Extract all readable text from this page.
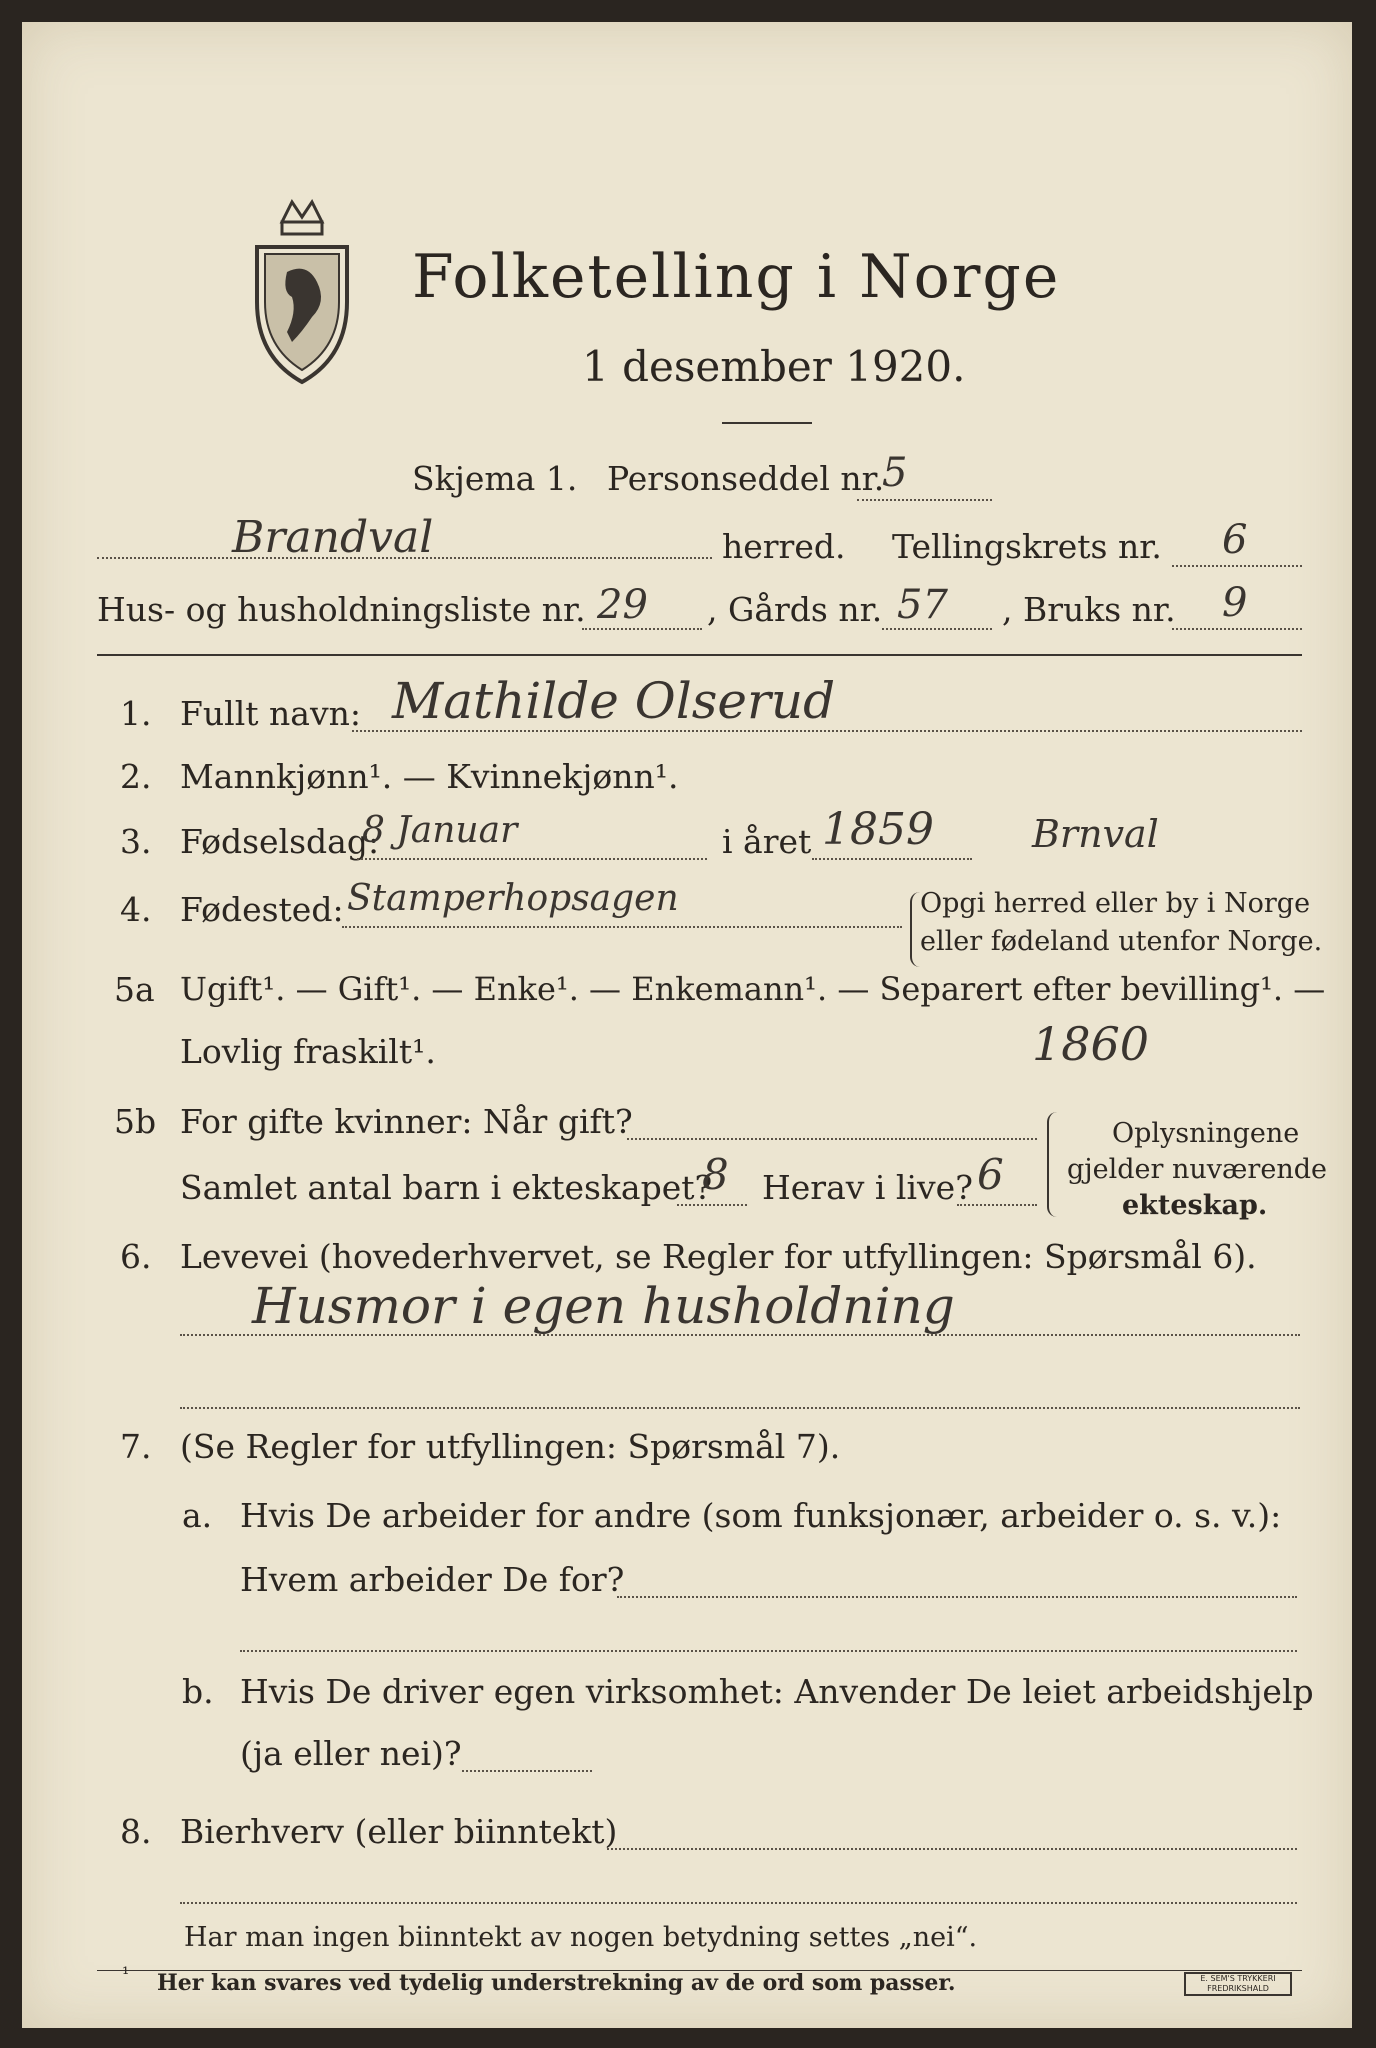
Folketelling i Norge
1 desember 1920.
Skjema 1. Personseddel nr.
5
Brandval	herred. Tellingskrets nr. 6
Hus- og husholdningsliste nr. 29 , Gårds nr. 57 , Bruks nr. 9
1. Fullt navn: Mathilde Olserud
2. Mannkjønn¹. — Kvinnekjønn¹.
3. Fødselsdag:
8 Januar	i året 1859	Brnval
4. Fødested: Stamperhopsagen	Opgi herred eller by i Norge
eller fødeland utenfor Norge.
5a Ugift¹. — Gift¹. — Enke¹. — Enkemann¹. — Separert efter bevilling¹. —
Lovlig fraskilt¹.	1860
5b For gifte kvinner: Når gift?
Samlet antal barn i ekteskapet?
8 Herav i live? 6
Oplysningene
gjelder nuværende
ekteskap.
6. Levevei (hovederhvervet, se Regler for utfyllingen: Spørsmål 6).
Husmor i egen husholdning
7. (Se Regler for utfyllingen: Spørsmål 7).
a. Hvis De arbeider for andre (som funksjonær, arbeider o. s. v.):
Hvem arbeider De for?
b. Hvis De driver egen virksomhet: Anvender De leiet arbeidshjelp
(ja eller nei)?
8. Bierhverv (eller biinntekt)
Har man ingen biinntekt av nogen betydning settes „nei“.
¹ Her kan svares ved tydelig understrekning av de ord som passer.	E. SEM'S TRYKKERI FREDRIKSHALD
